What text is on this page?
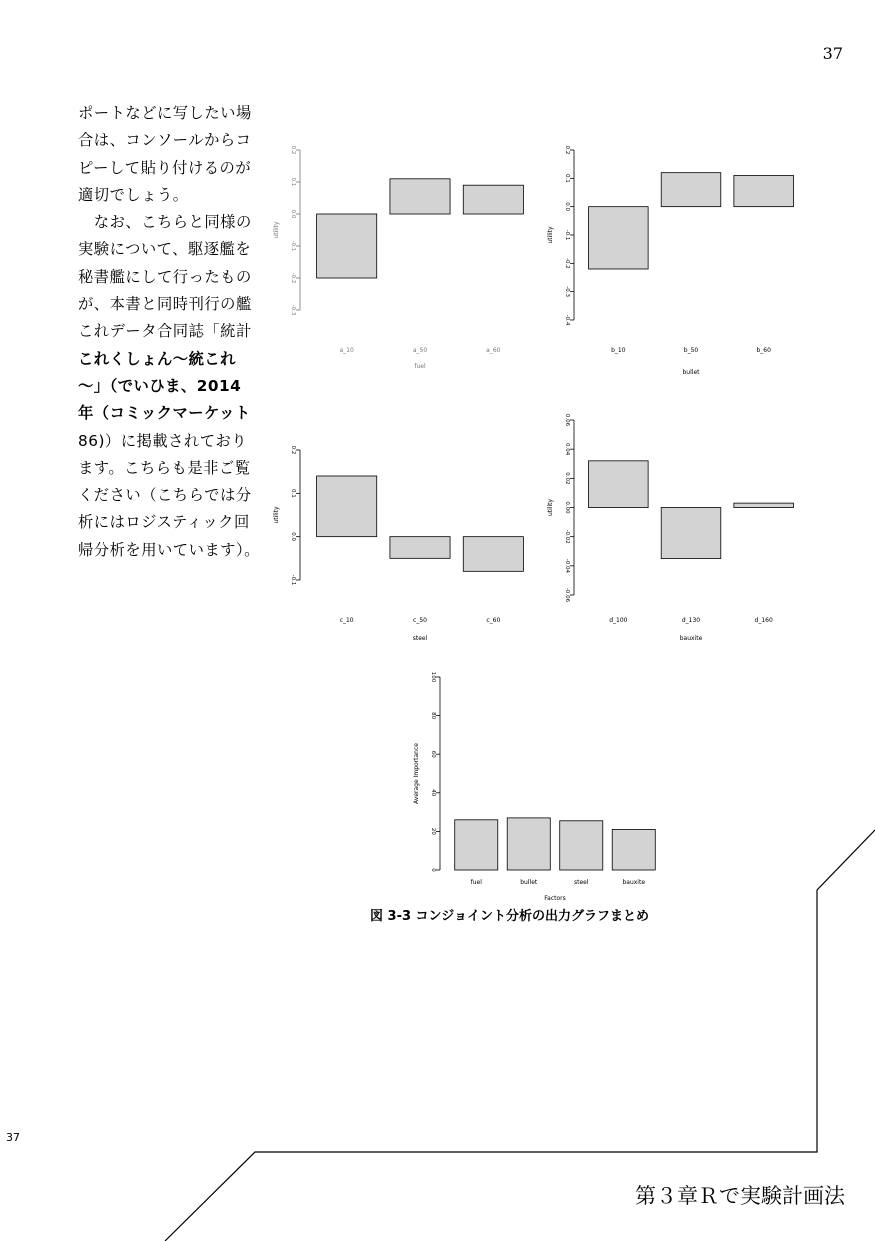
37
ポートなどに写したい場
合は、コンソールからコ
ピーして貼り付けるのが
適切でしょう。
　なお、こちらと同様の
実験について、駆逐艦を
秘書艦にして行ったもの
が、本書と同時刊行の艦
これデータ合同誌「統計
これくしょん〜統これ
〜」（でいひま、2014
年（コミックマーケット
86)）に掲載されており
ます。こちらも是非ご覧
ください（こちらでは分
析にはロジスティック回
帰分析を用いています）。
-0.3
-0.2
-0.1
0.0
0.1
0.2
utility
a_10	a_50	a_60
fuel
-0.4
-0.3
-0.2
-0.1
0.0
0.1
0.2
utility
b_10	b_50	b_60
bullet
-0.1
0.0
0.1
0.2
utility
c_10	c_50	c_60
steel
-0.06
-0.04
-0.02
0.00
0.02
0.04
0.06
utility
d_100	d_130	d_160
bauxite
0
20
40
60
80
100
Average Importance
fuel	bullet	steel	bauxite
Factors
図 3-3 コンジョイント分析の出力グラフまとめ
37
第３章Ｒで実験計画法
